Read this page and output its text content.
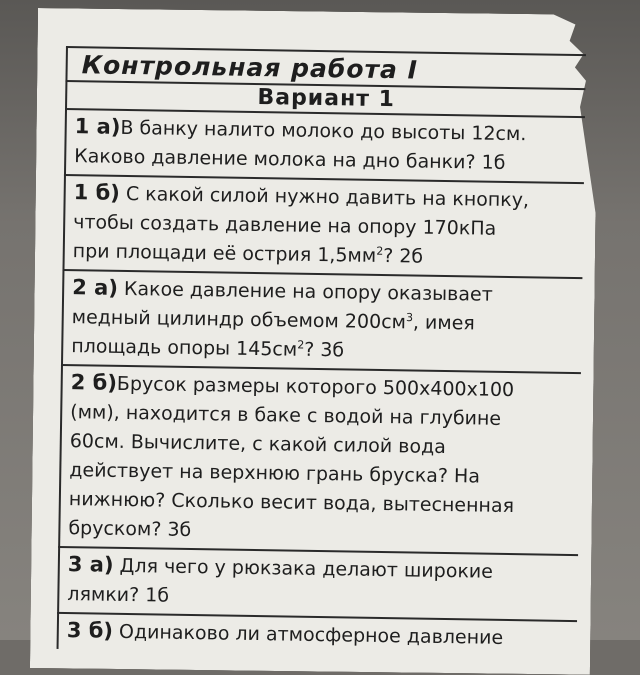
Контрольная работа I
Вариант 1
1 а)В банку налито молоко до высоты 12см.
Каково давление молока на дно банки? 1б
1 б) С какой силой нужно давить на кнопку,
чтобы создать давление на опору 170кПа
при площади её острия $1,5мм^2$? 2б
2 а) Какое давление на опору оказывает
медный цилиндр объемом $200см^3$, имея
площадь опоры $145см^2$? 3б
2 б)Брусок размеры которого 500х400х100
(мм), находится в баке с водой на глубине
60см. Вычислите, с какой силой вода
действует на верхнюю грань бруска? На
нижнюю? Сколько весит вода, вытесненная
бруском? 3б
3 а) Для чего у рюкзака делают широкие
лямки? 1б
3 б) Одинаково ли атмосферное давление
